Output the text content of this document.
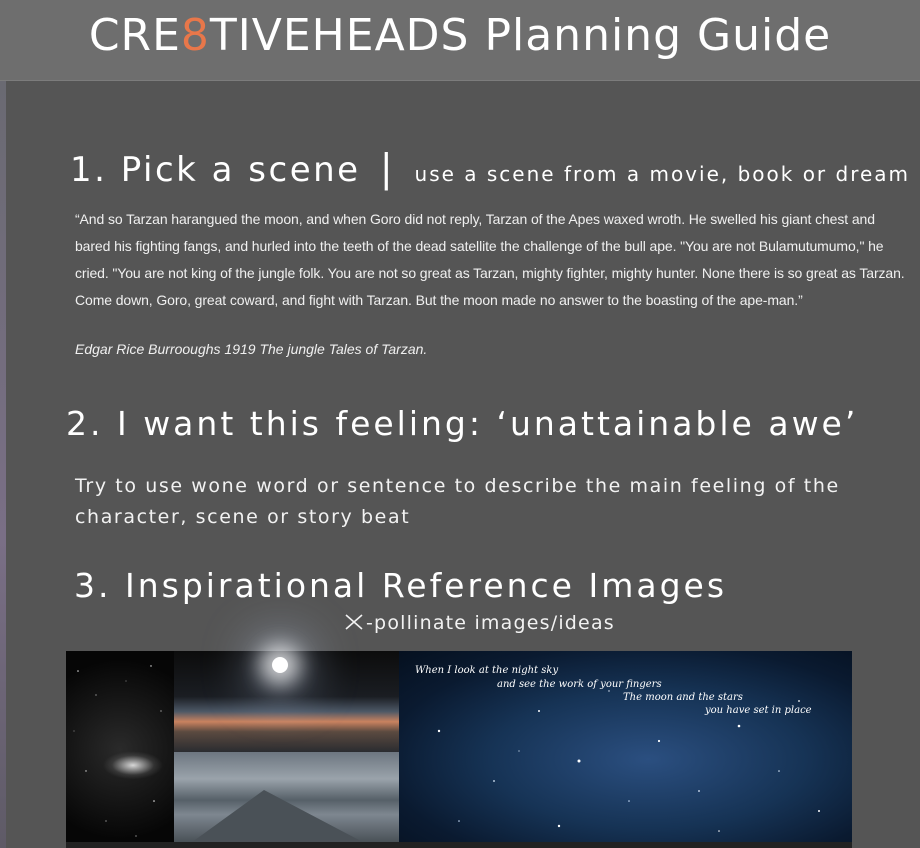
CRE8TIVEHEADS Planning Guide
1. Pick a scene | use a scene from a movie, book or dream
“And so Tarzan harangued the moon, and when Goro did not reply, Tarzan of the Apes waxed wroth. He swelled his giant chest and bared his fighting fangs, and hurled into the teeth of the dead satellite the challenge of the bull ape. "You are not Bulamutumumo," he cried. "You are not king of the jungle folk. You are not so great as Tarzan, mighty fighter, mighty hunter. None there is so great as Tarzan. Come down, Goro, great coward, and fight with Tarzan. But the moon made no answer to the boasting of the ape-man.”
Edgar Rice Burrooughs 1919 The jungle Tales of Tarzan.
2. I want this feeling: ‘unattainable awe’
Try to use wone word or sentence to describe the main feeling of the character, scene or story beat
3. Inspirational Reference Images
-pollinate images/ideas
When I look at the night sky
and see the work of your fingers
The moon and the stars
you have set in place
